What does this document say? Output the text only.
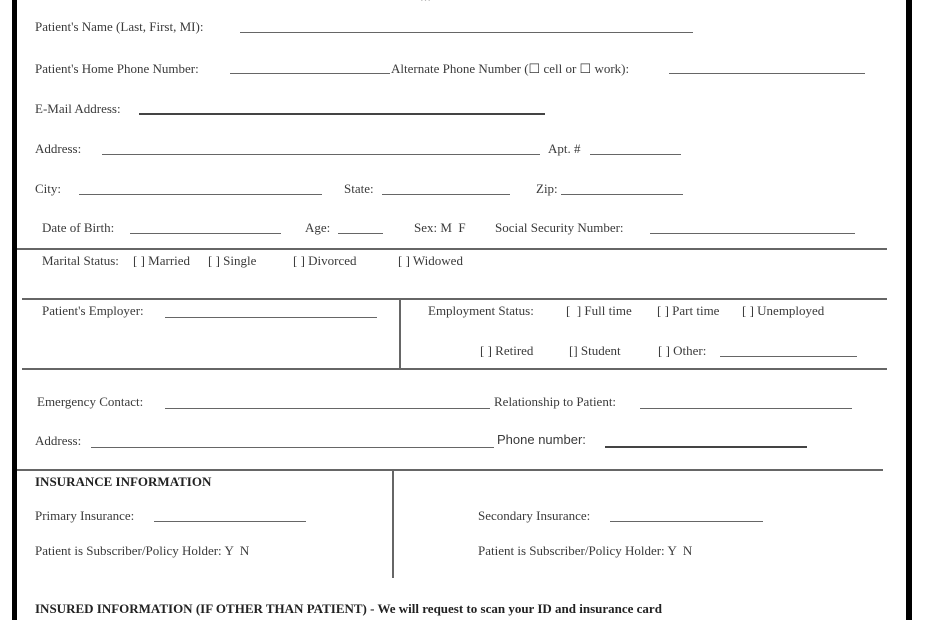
Patient's Name (Last, First, MI):
Patient's Home Phone Number:	Alternate Phone Number (☐ cell or ☐ work):
E-Mail Address:
Address:	Apt. #
City:	State:	Zip:
Date of Birth:	Age:	Sex: M  F Social Security Number:
Marital Status: [ ] Married [ ] Single	[ ] Divorced	[ ] Widowed
Patient's Employer:	Employment Status: [  ] Full time [ ] Part time [ ] Unemployed
[ ] Retired	[] Student	[ ] Other:
Emergency Contact:	Relationship to Patient:
Address:	Phone number:
INSURANCE INFORMATION
Primary Insurance:
Patient is Subscriber/Policy Holder: Y  N
Secondary Insurance:
Patient is Subscriber/Policy Holder: Y  N
INSURED INFORMATION (IF OTHER THAN PATIENT) - We will request to scan your ID and insurance card
